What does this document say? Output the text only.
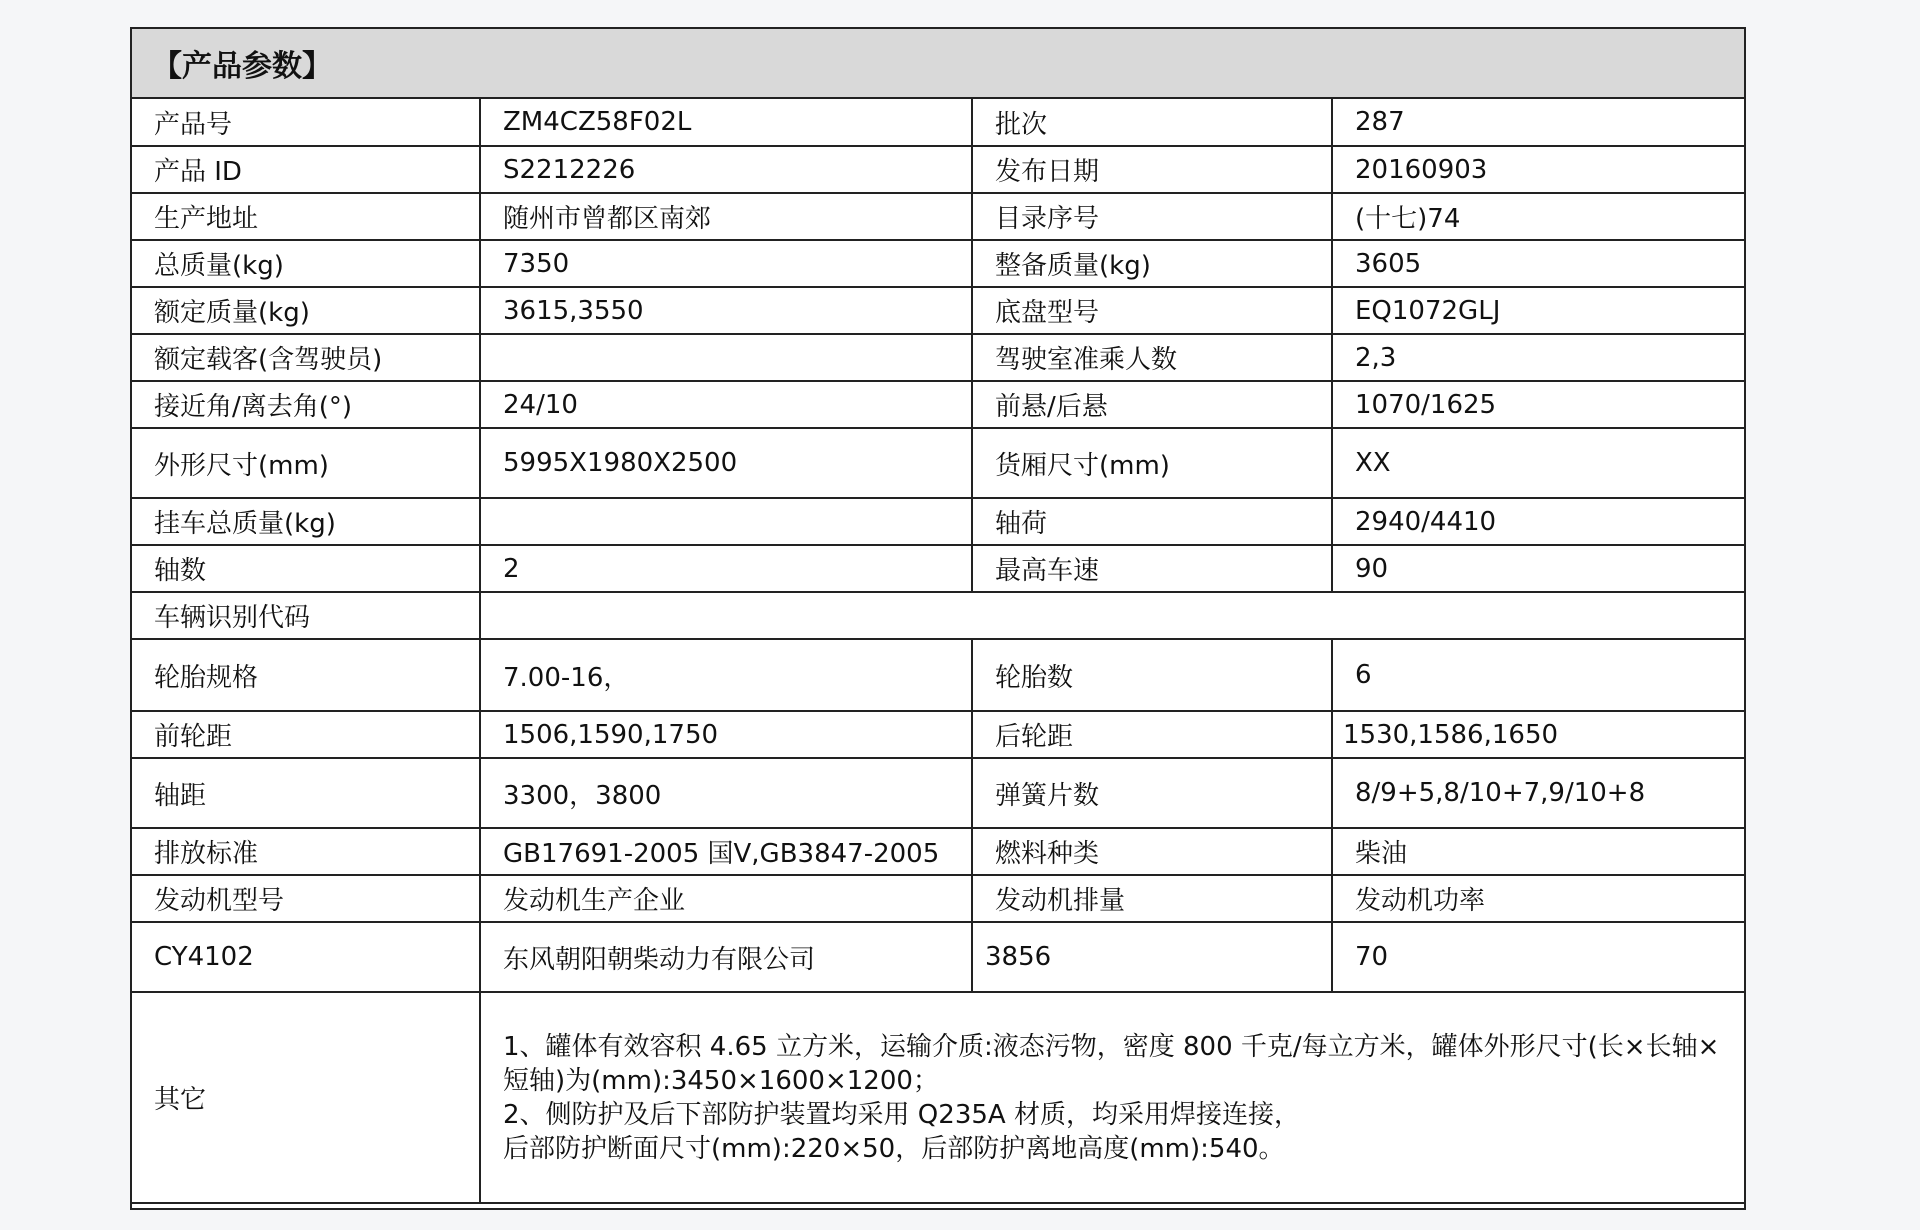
【产品参数】
产品号	ZM4CZ58F02L	批次	287
产品 ID	S2212226	发布日期	20160903
生产地址	随州市曾都区南郊	目录序号	(十七)74
总质量(kg)	7350	整备质量(kg)	3605
额定质量(kg)	3615,3550	底盘型号	EQ1072GLJ
额定载客(含驾驶员)		驾驶室准乘人数	2,3
接近角/离去角(°)	24/10	前悬/后悬	1070/1625
外形尺寸(mm)	5995X1980X2500	货厢尺寸(mm)	XX
挂车总质量(kg)		轴荷	2940/4410
轴数	2	最高车速	90
车辆识别代码			
轮胎规格	7.00-16，	轮胎数	6
前轮距	1506,1590,1750	后轮距	1530,1586,1650
轴距	3300，3800	弹簧片数	8/9+5,8/10+7,9/10+8
排放标准	GB17691-2005 国Ⅴ,GB3847-2005	燃料种类	柴油
发动机型号	发动机生产企业	发动机排量	发动机功率
CY4102	东风朝阳朝柴动力有限公司	3856	70
其它	1、罐体有效容积 4.65 立方米，运输介质:液态污物，密度 800 千克/每立方米，罐体外形尺寸(长×长轴×
短轴)为(mm):3450×1600×1200；
2、侧防护及后下部防护装置均采用 Q235A 材质，均采用焊接连接，
后部防护断面尺寸(mm):220×50，后部防护离地高度(mm):540。		
